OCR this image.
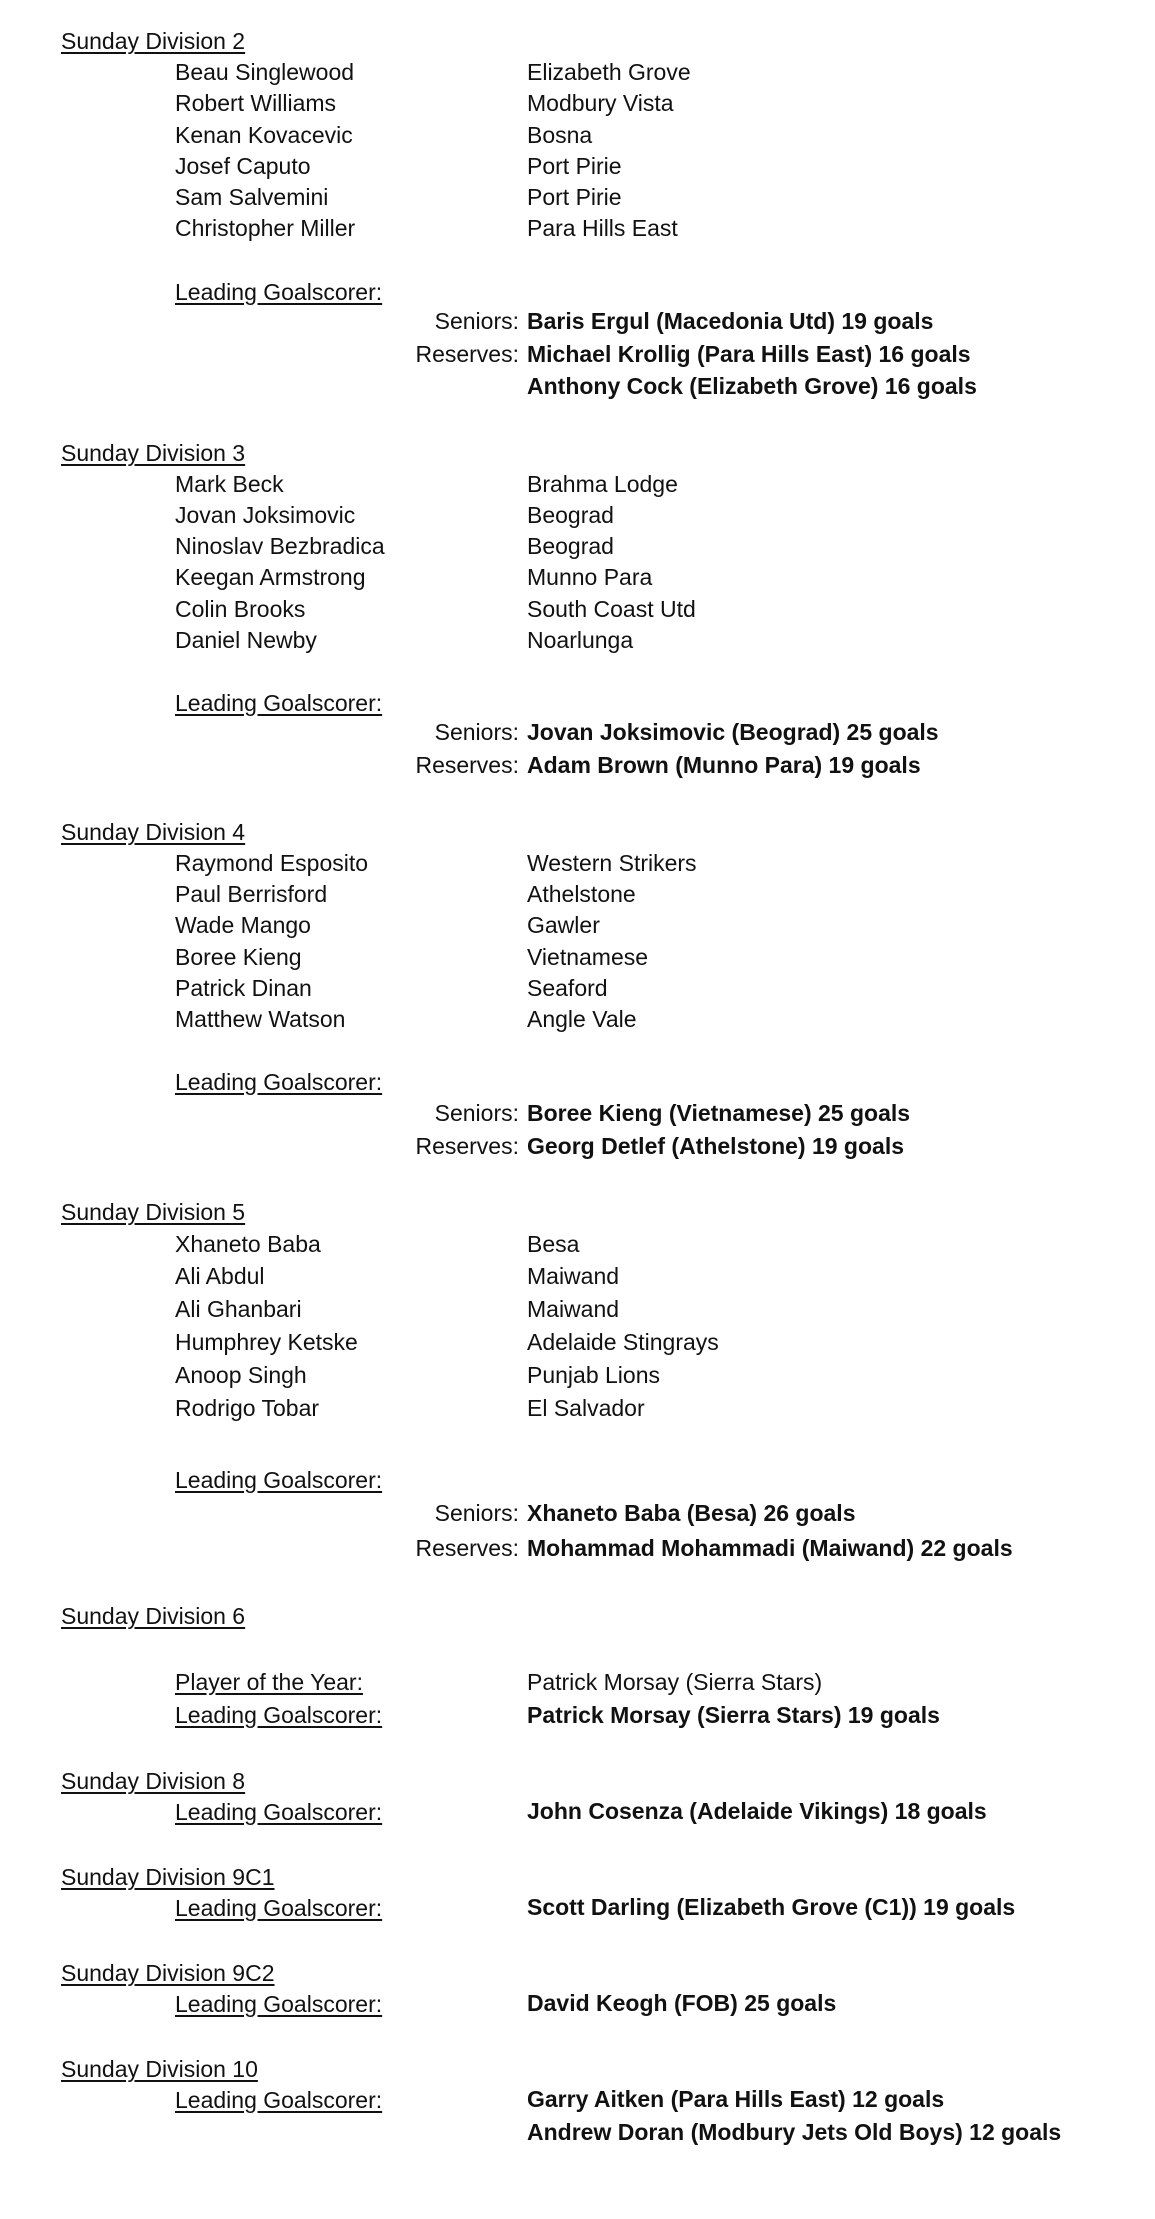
Sunday Division 2
Beau Singlewood	Elizabeth Grove
Robert Williams	Modbury Vista
Kenan Kovacevic	Bosna
Josef Caputo	Port Pirie
Sam Salvemini	Port Pirie
Christopher Miller	Para Hills East
Leading Goalscorer:
Seniors: Baris Ergul (Macedonia Utd) 19 goals
Reserves: Michael Krollig (Para Hills East) 16 goals
Anthony Cock (Elizabeth Grove) 16 goals
Sunday Division 3
Mark Beck	Brahma Lodge
Jovan Joksimovic	Beograd
Ninoslav Bezbradica	Beograd
Keegan Armstrong	Munno Para
Colin Brooks	South Coast Utd
Daniel Newby	Noarlunga
Leading Goalscorer:
Seniors: Jovan Joksimovic (Beograd) 25 goals
Reserves: Adam Brown (Munno Para) 19 goals
Sunday Division 4
Raymond Esposito	Western Strikers
Paul Berrisford	Athelstone
Wade Mango	Gawler
Boree Kieng	Vietnamese
Patrick Dinan	Seaford
Matthew Watson	Angle Vale
Leading Goalscorer:
Seniors: Boree Kieng (Vietnamese) 25 goals
Reserves: Georg Detlef (Athelstone) 19 goals
Sunday Division 5
Xhaneto Baba	Besa
Ali Abdul	Maiwand
Ali Ghanbari	Maiwand
Humphrey Ketske	Adelaide Stingrays
Anoop Singh	Punjab Lions
Rodrigo Tobar	El Salvador
Leading Goalscorer:
Seniors: Xhaneto Baba (Besa) 26 goals
Reserves: Mohammad Mohammadi (Maiwand) 22 goals
Sunday Division 6
Player of the Year:	Patrick Morsay (Sierra Stars)
Leading Goalscorer:	Patrick Morsay (Sierra Stars) 19 goals
Sunday Division 8
Leading Goalscorer:	John Cosenza (Adelaide Vikings) 18 goals
Sunday Division 9C1
Leading Goalscorer:	Scott Darling (Elizabeth Grove (C1)) 19 goals
Sunday Division 9C2
Leading Goalscorer:	David Keogh (FOB) 25 goals
Sunday Division 10
Leading Goalscorer:	Garry Aitken (Para Hills East) 12 goals
Andrew Doran (Modbury Jets Old Boys) 12 goals
